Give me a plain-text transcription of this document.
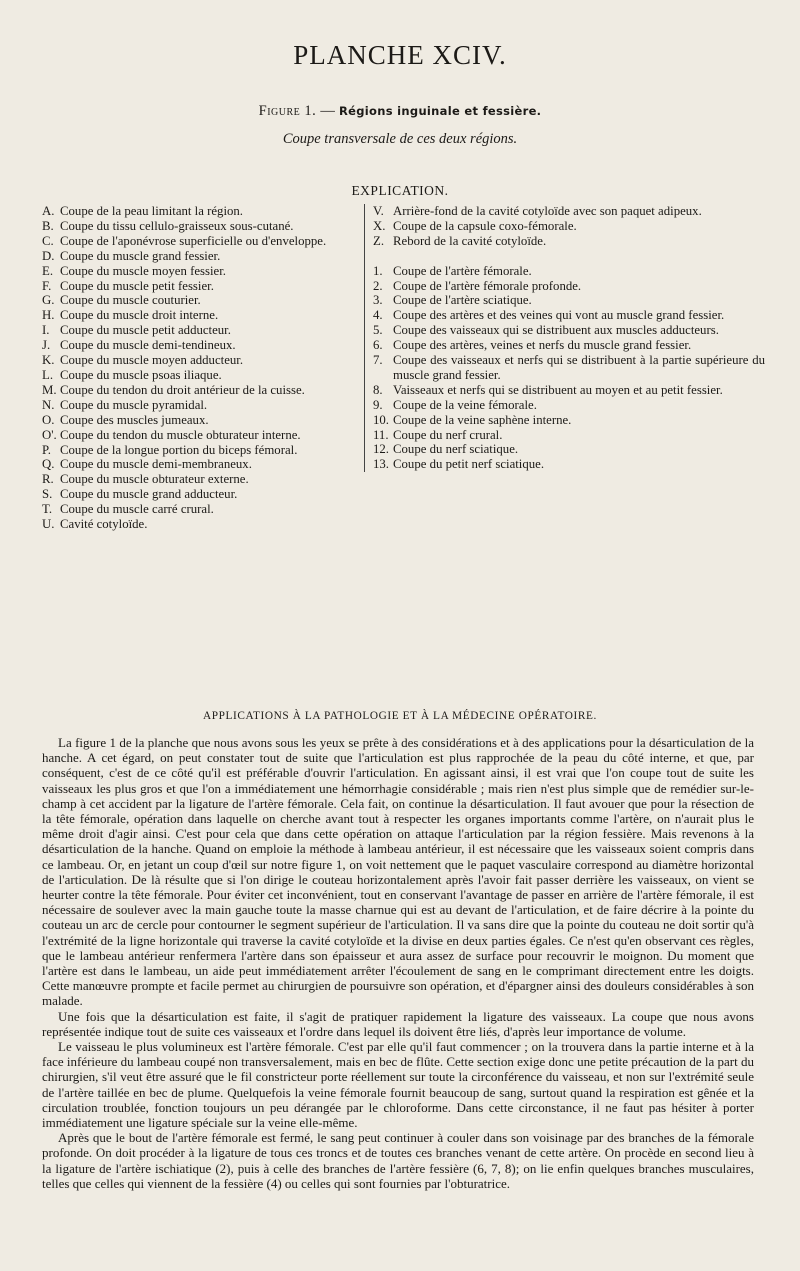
PLANCHE XCIV.
Figure 1. — Régions inguinale et fessière.
Coupe transversale de ces deux régions.
EXPLICATION.
A. Coupe de la peau limitant la région.
B. Coupe du tissu cellulo-graisseux sous-cutané.
C. Coupe de l'aponévrose superficielle ou d'enveloppe.
D. Coupe du muscle grand fessier.
E. Coupe du muscle moyen fessier.
F. Coupe du muscle petit fessier.
G. Coupe du muscle couturier.
H. Coupe du muscle droit interne.
I. Coupe du muscle petit adducteur.
J. Coupe du muscle demi-tendineux.
K. Coupe du muscle moyen adducteur.
L. Coupe du muscle psoas iliaque.
M. Coupe du tendon du droit antérieur de la cuisse.
N. Coupe du muscle pyramidal.
O. Coupe des muscles jumeaux.
O'. Coupe du tendon du muscle obturateur interne.
P. Coupe de la longue portion du biceps fémoral.
Q. Coupe du muscle demi-membraneux.
R. Coupe du muscle obturateur externe.
S. Coupe du muscle grand adducteur.
T. Coupe du muscle carré crural.
U. Cavité cotyloïde.
V. Arrière-fond de la cavité cotyloïde avec son paquet adipeux.
X. Coupe de la capsule coxo-fémorale.
Z. Rebord de la cavité cotyloïde.
1. Coupe de l'artère fémorale.
2. Coupe de l'artère fémorale profonde.
3. Coupe de l'artère sciatique.
4. Coupe des artères et des veines qui vont au muscle grand fessier.
5. Coupe des vaisseaux qui se distribuent aux muscles adducteurs.
6. Coupe des artères, veines et nerfs du muscle grand fessier.
7. Coupe des vaisseaux et nerfs qui se distribuent à la partie supérieure du muscle grand fessier.
8. Vaisseaux et nerfs qui se distribuent au moyen et au petit fessier.
9. Coupe de la veine fémorale.
10. Coupe de la veine saphène interne.
11. Coupe du nerf crural.
12. Coupe du nerf sciatique.
13. Coupe du petit nerf sciatique.
APPLICATIONS À LA PATHOLOGIE ET À LA MÉDECINE OPÉRATOIRE.

La figure 1 de la planche que nous avons sous les yeux se prête à des considérations et à des applications pour la désarticulation de la hanche. A cet égard, on peut constater tout de suite que l'articulation est plus rapprochée de la peau du côté interne, et que, par conséquent, c'est de ce côté qu'il est préférable d'ouvrir l'articulation. En agissant ainsi, il est vrai que l'on coupe tout de suite les vaisseaux les plus gros et que l'on a immédiatement une hémorrhagie considérable ; mais rien n'est plus simple que de remédier sur-le-champ à cet accident par la ligature de l'artère fémorale. Cela fait, on continue la désarticulation. Il faut avouer que pour la résection de la tête fémorale, opération dans laquelle on cherche avant tout à respecter les organes importants comme l'artère, on n'aurait plus le même droit d'agir ainsi. C'est pour cela que dans cette opération on attaque l'articulation par la région fessière. Mais revenons à la désarticulation de la hanche. Quand on emploie la méthode à lambeau antérieur, il est nécessaire que les vaisseaux soient compris dans ce lambeau. Or, en jetant un coup d'œil sur notre figure 1, on voit nettement que le paquet vasculaire correspond au diamètre horizontal de l'articulation. De là résulte que si l'on dirige le couteau horizontalement après l'avoir fait passer derrière les vaisseaux, on vient se heurter contre la tête fémorale. Pour éviter cet inconvénient, tout en conservant l'avantage de passer en arrière de l'artère fémorale, il est nécessaire de soulever avec la main gauche toute la masse charnue qui est au devant de l'articulation, et de faire décrire à la pointe du couteau un arc de cercle pour contourner le segment supérieur de l'articulation. Il va sans dire que la pointe du couteau ne doit sortir qu'à l'extrémité de la ligne horizontale qui traverse la cavité cotyloïde et la divise en deux parties égales. Ce n'est qu'en observant ces règles, que le lambeau antérieur renfermera l'artère dans son épaisseur et aura assez de surface pour recouvrir le moignon. Du moment que l'artère est dans le lambeau, un aide peut immédiatement arrêter l'écoulement de sang en le comprimant directement entre les doigts. Cette manœuvre prompte et facile permet au chirurgien de poursuivre son opération, et d'épargner ainsi des douleurs considérables à son malade.

Une fois que la désarticulation est faite, il s'agit de pratiquer rapidement la ligature des vaisseaux. La coupe que nous avons représentée indique tout de suite ces vaisseaux et l'ordre dans lequel ils doivent être liés, d'après leur importance de volume.

Le vaisseau le plus volumineux est l'artère fémorale. C'est par elle qu'il faut commencer ; on la trouvera dans la partie interne et à la face inférieure du lambeau coupé non transversalement, mais en bec de flûte. Cette section exige donc une petite précaution de la part du chirurgien, s'il veut être assuré que le fil constricteur porte réellement sur toute la circonférence du vaisseau, et non sur l'extrémité seule de l'artère taillée en bec de plume. Quelquefois la veine fémorale fournit beaucoup de sang, surtout quand la respiration est gênée et la circulation troublée, fonction toujours un peu dérangée par le chloroforme. Dans cette circonstance, il ne faut pas hésiter à porter immédiatement une ligature spéciale sur la veine elle-même.

Après que le bout de l'artère fémorale est fermé, le sang peut continuer à couler dans son voisinage par des branches de la fémorale profonde. On doit procéder à la ligature de tous ces troncs et de toutes ces branches venant de cette artère. On procède en second lieu à la ligature de l'artère ischiatique (2), puis à celle des branches de l'artère fessière (6, 7, 8); on lie enfin quelques branches musculaires, telles que celles qui viennent de la fessière (4) ou celles qui sont fournies par l'obturatrice.
